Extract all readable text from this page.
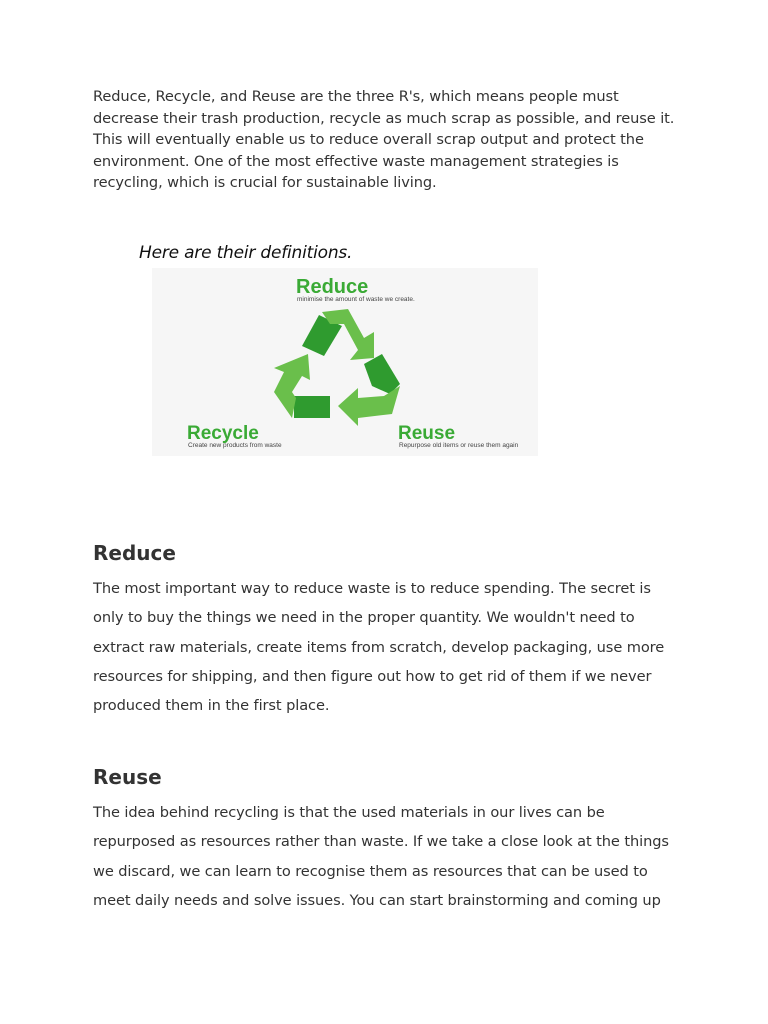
Reduce, Recycle, and Reuse are the three R's, which means people must decrease their trash production, recycle as much scrap as possible, and reuse it. This will eventually enable us to reduce overall scrap output and protect the environment. One of the most effective waste management strategies is recycling, which is crucial for sustainable living.

Here are their definitions.

Reduce
minimise the amount of waste we create.
Recycle
Create new products from waste
Reuse
Repurpose old items or reuse them again
Reduce

The most important way to reduce waste is to reduce spending. The secret is only to buy the things we need in the proper quantity. We wouldn't need to extract raw materials, create items from scratch, develop packaging, use more resources for shipping, and then figure out how to get rid of them if we never produced them in the first place.

Reuse

The idea behind recycling is that the used materials in our lives can be repurposed as resources rather than waste. If we take a close look at the things we discard, we can learn to recognise them as resources that can be used to meet daily needs and solve issues. You can start brainstorming and coming up
